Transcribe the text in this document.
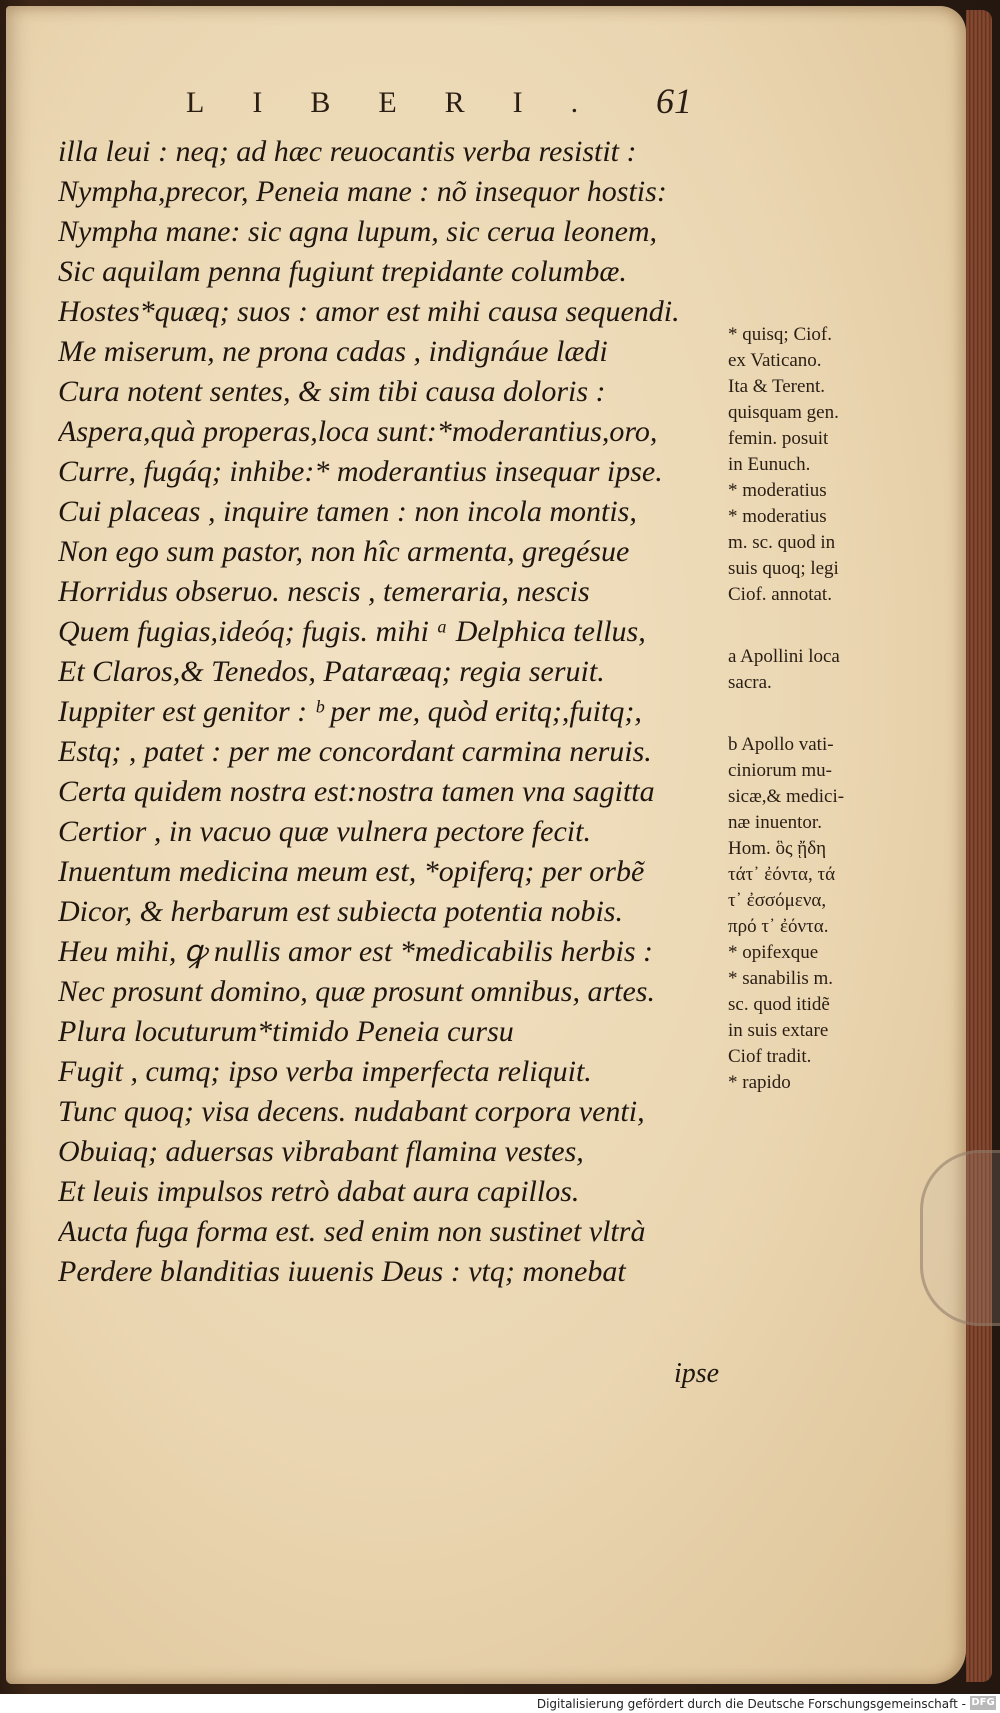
LIBERI. 61
illa leui : neq; ad hæc reuocantis verba resistit :
Nympha,precor, Peneia mane : nõ insequor hostis:
Nympha mane: sic agna lupum, sic cerua leonem,
Sic aquilam penna fugiunt trepidante columbæ.
Hostes*quæq; suos : amor est mihi causa sequendi.
Me miserum, ne prona cadas , indignáue lædi
Cura notent sentes, & sim tibi causa doloris :
Aspera,quà properas,loca sunt:*moderantius,oro,
Curre, fugáq; inhibe:* moderantius insequar ipse.
Cui placeas , inquire tamen : non incola montis,
Non ego sum pastor, non hîc armenta, gregésue
Horridus obseruo. nescis , temeraria, nescis
Quem fugias,ideóq; fugis. mihi ᵃ Delphica tellus,
Et Claros,& Tenedos, Pataræaq; regia seruit.
Iuppiter est genitor : ᵇ per me, quòd eritq;,fuitq;,
Estq; , patet : per me concordant carmina neruis.
Certa quidem nostra est:nostra tamen vna sagitta
Certior , in vacuo quæ vulnera pectore fecit.
Inuentum medicina meum est, *opiferq; per orbẽ
Dicor, & herbarum est subiecta potentia nobis.
Heu mihi, ꝙ nullis amor est *medicabilis herbis :
Nec prosunt domino, quæ prosunt omnibus, artes.
Plura locuturum*timido Peneia cursu
Fugit , cumq; ipso verba imperfecta reliquit.
Tunc quoq; visa decens. nudabant corpora venti,
Obuiaq; aduersas vibrabant flamina vestes,
Et leuis impulsos retrò dabat aura capillos.
Aucta fuga forma est. sed enim non sustinet vltrà
Perdere blanditias iuuenis Deus : vtq; monebat
* quisq; Ciof.
ex Vaticano.
Ita & Terent.
quisquam gen.
femin. posuit
in Eunuch.
* moderatius
* moderatius
m. sc. quod in
suis quoq; legi
Ciof. annotat.
a Apollini loca
sacra.
b Apollo vati-
ciniorum mu-
sicæ,& medici-
næ inuentor.
Hom. ὃς ᾔδη
τάτ᾽ ἐόντα, τά
τ᾽ ἐσσόμενα,
πρό τ᾽ ἐόντα.
* opifexque
* sanabilis m.
sc. quod itidẽ
in suis extare
Ciof tradit.
* rapido
ipse
Digitalisierung gefördert durch die Deutsche Forschungsgemeinschaft - DFG
